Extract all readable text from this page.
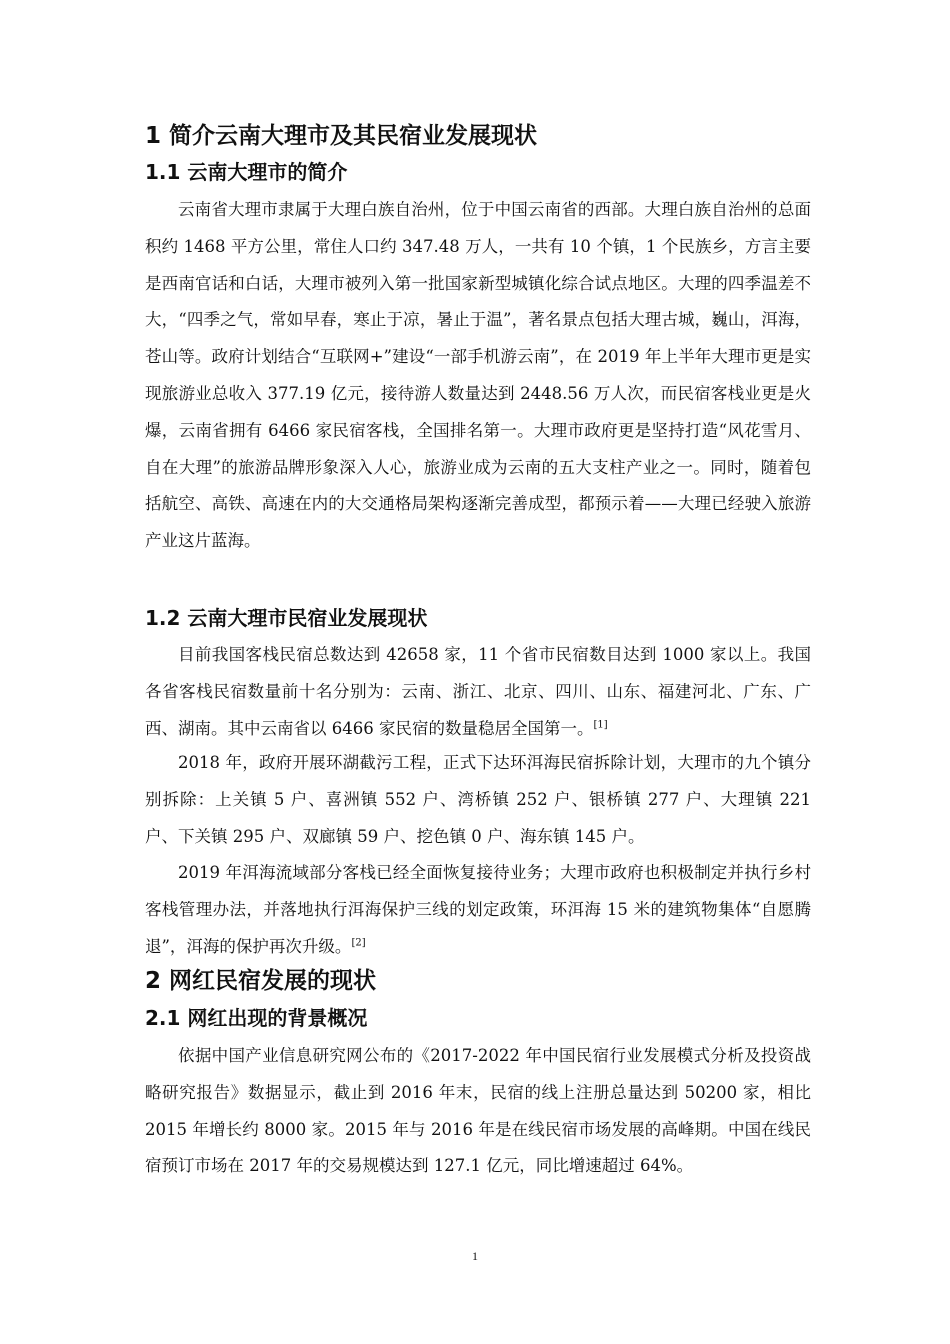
1 简介云南大理市及其民宿业发展现状
1.1 云南大理市的简介

云南省大理市隶属于大理白族自治州，位于中国云南省的西部。大理白族自治州的总面积约 1468 平方公里，常住人口约 347.48 万人，一共有 10 个镇，1 个民族乡，方言主要是西南官话和白话，大理市被列入第一批国家新型城镇化综合试点地区。大理的四季温差不大，“四季之气，常如早春，寒止于凉，暑止于温”，著名景点包括大理古城，巍山，洱海，苍山等。政府计划结合“互联网+”建设“一部手机游云南”，在 2019 年上半年大理市更是实现旅游业总收入 377.19 亿元，接待游人数量达到 2448.56 万人次，而民宿客栈业更是火爆，云南省拥有 6466 家民宿客栈，全国排名第一。大理市政府更是坚持打造“风花雪月、自在大理”的旅游品牌形象深入人心，旅游业成为云南的五大支柱产业之一。同时，随着包括航空、高铁、高速在内的大交通格局架构逐渐完善成型，都预示着——大理已经驶入旅游产业这片蓝海。

1.2 云南大理市民宿业发展现状

目前我国客栈民宿总数达到 42658 家，11 个省市民宿数目达到 1000 家以上。我国各省客栈民宿数量前十名分别为：云南、浙江、北京、四川、山东、福建河北、广东、广西、湖南。其中云南省以 6466 家民宿的数量稳居全国第一。[1]

2018 年，政府开展环湖截污工程，正式下达环洱海民宿拆除计划，大理市的九个镇分别拆除：上关镇 5 户、喜洲镇 552 户、湾桥镇 252 户、银桥镇 277 户、大理镇 221 户、下关镇 295 户、双廊镇 59 户、挖色镇 0 户、海东镇 145 户。

2019 年洱海流域部分客栈已经全面恢复接待业务；大理市政府也积极制定并执行乡村客栈管理办法，并落地执行洱海保护三线的划定政策，环洱海 15 米的建筑物集体“自愿腾退”，洱海的保护再次升级。[2]

2 网红民宿发展的现状
2.1 网红出现的背景概况

依据中国产业信息研究网公布的《2017-2022 年中国民宿行业发展模式分析及投资战略研究报告》数据显示，截止到 2016 年末，民宿的线上注册总量达到 50200 家，相比 2015 年增长约 8000 家。2015 年与 2016 年是在线民宿市场发展的高峰期。中国在线民宿预订市场在 2017 年的交易规模达到 127.1 亿元，同比增速超过 64%。

1
